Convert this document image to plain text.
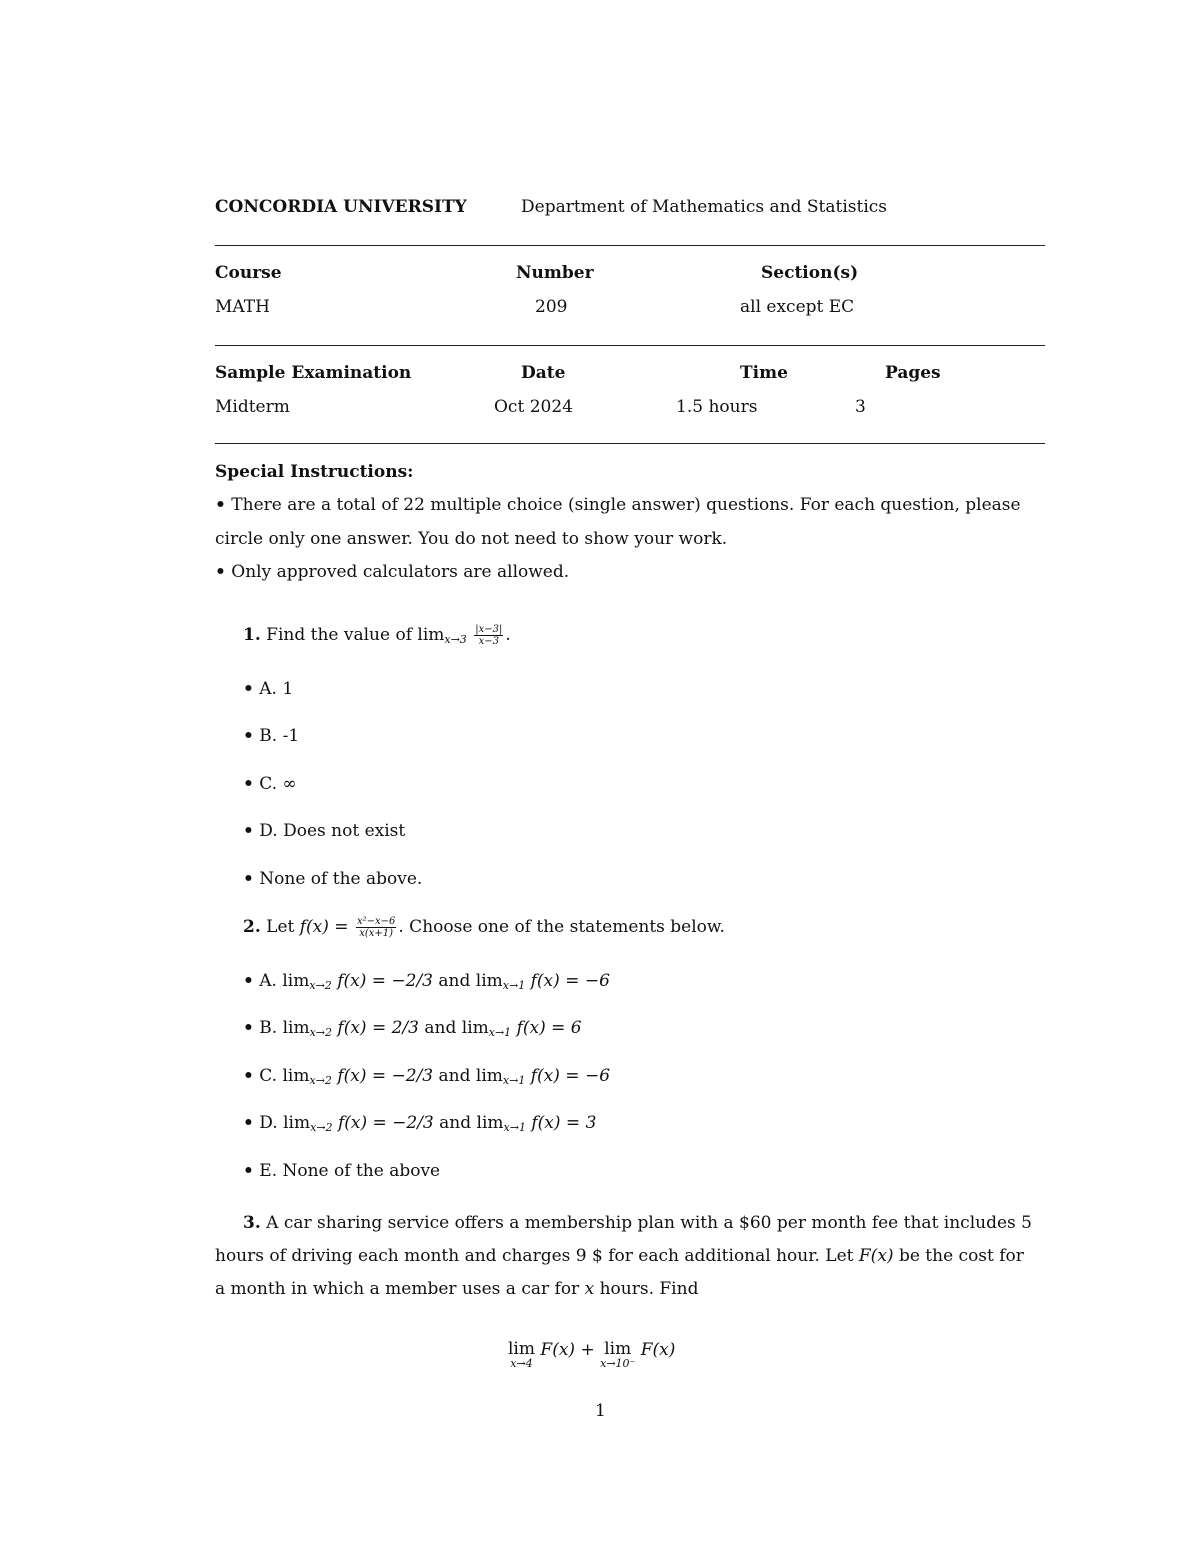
CONCORDIA UNIVERSITY	Department of Mathematics and Statistics
Course	Number	Section(s)
MATH	209	all except EC
Sample Examination	Date	Time	Pages
Midterm	Oct 2024	1.5 hours	3
Special Instructions:
• There are a total of 22 multiple choice (single answer) questions. For each question, please
circle only one answer. You do not need to show your work.
• Only approved calculators are allowed.
1. Find the value of $\lim_{x\to 3} \frac{|x-3|}{x-3}$ .
• A. 1
• B. -1
• C. ∞
• D. Does not exist
• None of the above.
2. Let $f(x) = \frac{\text{x²−x−6}}{x(x+1)}$ . Choose one of the statements below.
• A. $\lim_{x\to 2} f(x) = -2/3$ and $\lim_{x\to 1} f(x) = -6$
• B. $\lim_{x\to 2} f(x) = 2/3$ and $\lim_{x\to 1} f(x) = 6$
• C. $\lim_{x\to 2} f(x) = -2/3$ and $\lim_{x\to 1} f(x) = -6$
• D. $\lim_{x\to 2} f(x) = -2/3$ and $\lim_{x\to 1} f(x) = 3$
• E. None of the above
3. A car sharing service offers a membership plan with a $60 per month fee that includes 5
hours of driving each month and charges 9 $ for each additional hour. Let F(x) be the cost for
a month in which a member uses a car for x hours. Find
lim
x→4
F(x) + lim
x→10⁻
F(x)
1
